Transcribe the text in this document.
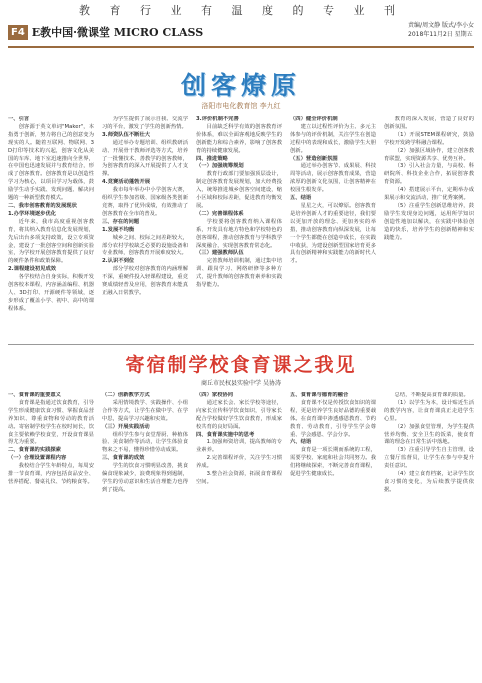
教 育 行 业 有 温 度 的 专 业 刊
F4 E教中国·微课堂 MICRO CLASS
责编/周文静 版式/李小女
2018年11月2日 星期五
创客燎原
洛阳市电化教育馆 李九红

一、引言

创客源于英文单词"Maker"，本指勇于创新，努力将自己的创意变为现实的人。随着互联网、物联网、3D打印等技术的兴起，创客文化从美国的车库、地下室迅速推向全世界，在中国也迅速发展并与教育结合，形成了创客教育。创客教育是以创造性学习为核心，以项目学习为载体，鼓励学生动手实践、发现问题、解决问题的一种新型教育模式。

二、我市创客教育的发展现状

1.办学环境逐步优化

近年来，我市高度重视创客教育，将其纳入教育信息化发展规划，先后出台多项支持政策，设立专项资金，建设了一批创客空间和创新实验室，为学校开展创客教育提供了良好的硬件条件和政策保障。

2.课程建设初见成效

各学校结合自身实际，积极开发创客校本课程，内容涵盖编程、机器人、3D打印、开源硬件等领域，逐步形成了覆盖小学、初中、高中的课程体系。

为学生提供了展示自我、交流学习的平台，激发了学生的创新热情。

3.师资队伍不断壮大

通过举办专题培训、组织教研活动、开展骨干教师评选等方式，培养了一批懂技术、善教学的创客教师，为创客教育的深入开展提供了人才支撑。

4.竞赛活动蓬勃开展

我市每年举办中小学创客大赛，组织学生参加省级、国家级各类创新竞赛，取得了优异成绩，有效推动了创客教育在全市的普及。

三、存在的问题

1.发展不均衡

城乡之间、校际之间差距较大，部分农村学校缺乏必要的设施设备和专业教师，创客教育开展难度较大。

2.认识不到位

部分学校对创客教育的内涵理解不深，重硬件投入轻课程建设，重竞赛成绩轻普及应用，创客教育未能真正融入日常教学。

3.评价机制不完善

目前缺乏科学有效的创客教育评价体系，难以全面客观地反映学生的创新能力和综合素养，影响了创客教育的持续健康发展。

四、推进策略

（一）加强统筹规划

教育行政部门要加强顶层设计，制定创客教育发展规划，加大经费投入，统筹推进城乡创客空间建设，缩小区域和校际差距，促进教育均衡发展。

（二）完善课程体系

学校要将创客教育纳入课程体系，开发具有地方特色和学校特色的创客课程，推动创客教育与学科教学深度融合，实现创客教育常态化。

（三）建强教师队伍

完善教师培训机制，通过集中培训、跟岗学习、网络研修等多种方式，提升教师的创客教育素养和实践指导能力。

（四）健全评价机制

建立以过程性评价为主、多元主体参与的评价机制，关注学生在创造过程中的表现和成长，激励学生大胆创新。

（五）营造创新氛围

通过举办创客节、成果展、科技周等活动，展示创客教育成果，营造浓厚的创新文化氛围，让创客精神在校园生根发芽。

五、结语

星星之火，可以燎原。创客教育是培养创新人才的重要途径，我们要以更加开放的理念、更加务实的举措，推动创客教育向纵深发展，让每一个学生都能在创造中成长，在实践中收获，为建设创新型国家培育更多具有创新精神和实践能力的新时代人才。

教育的深入发展，营造了良好的创新氛围。

（1）开展STEM课程研究，鼓励学校开发跨学科融合课程。

（2）加强区域协作，建立创客教育联盟，实现资源共享、优势互补。

（3）引入社会力量，与高校、科研院所、科技企业合作，拓展创客教育资源。

（4）搭建展示平台，定期举办成果展示和交流活动，推广优秀案例。

（5）注重学生创新思维培养，鼓励学生发现身边问题，运用所学知识创造性地加以解决，在实践中体验创造的快乐，培养学生的创新精神和实践能力。

寄宿制学校食育课之我见
商丘市民权县实验中学 吴协涛

一、食育课的重要意义

食育课是指通过饮食教育，引导学生形成健康饮食习惯、掌握食品营养知识、尊重食物和劳动的教育活动。寄宿制学校学生在校时间长，饮食主要依赖学校食堂，开设食育课显得尤为重要。

二、食育课的实践探索

（一）合理设置课程内容

我校结合学生年龄特点，每周安排一节食育课，内容包括食品安全、营养搭配、餐桌礼仪、节约粮食等。

（二）创新教学方式

采用情境教学、实践操作、小组合作等方式，让学生在做中学、在学中思，提高学习兴趣和实效。

（三）开展实践活动

组织学生参与食堂帮厨、种植体验、美食制作等活动，让学生体验食物来之不易，懂得珍惜劳动成果。

三、食育课的成效

学生的饮食习惯明显改善，挑食偏食现象减少，浪费现象得到遏制，学生的劳动意识和生活自理能力也得到了提高。

（四）家校协同

通过家长会、家长学校等途径，向家长宣传科学饮食知识，引导家长配合学校做好学生饮食教育，形成家校共育的良好局面。

四、食育课实施中的思考

1.加强师资培训，提高教师的专业素养。

2.完善课程评价，关注学生习惯养成。

3.整合社会资源，拓展食育课程空间。

五、食育课与德育的融合

食育课不仅是传授饮食知识的课程，更是培养学生良好品德的重要载体。在食育课中渗透感恩教育、节约教育、劳动教育，引导学生学会尊重、学会感恩、学会分享。

六、结语

食育是一项长期而系统的工程，需要学校、家庭和社会共同努力。我们将继续探索，不断完善食育课程，促进学生健康成长。

总结，不断提高食育课的质量。

（1）以学生为本，设计贴近生活的教学内容，让食育课真正走进学生心里。

（2）加强食堂管理，为学生提供营养均衡、安全卫生的饭菜，使食育课的理念在日常生活中落地。

（3）注重引导学生自主管理，设立餐厅监督员，让学生在参与中提升责任意识。

（4）建立食育档案，记录学生饮食习惯的变化，为后续教学提供依据。
